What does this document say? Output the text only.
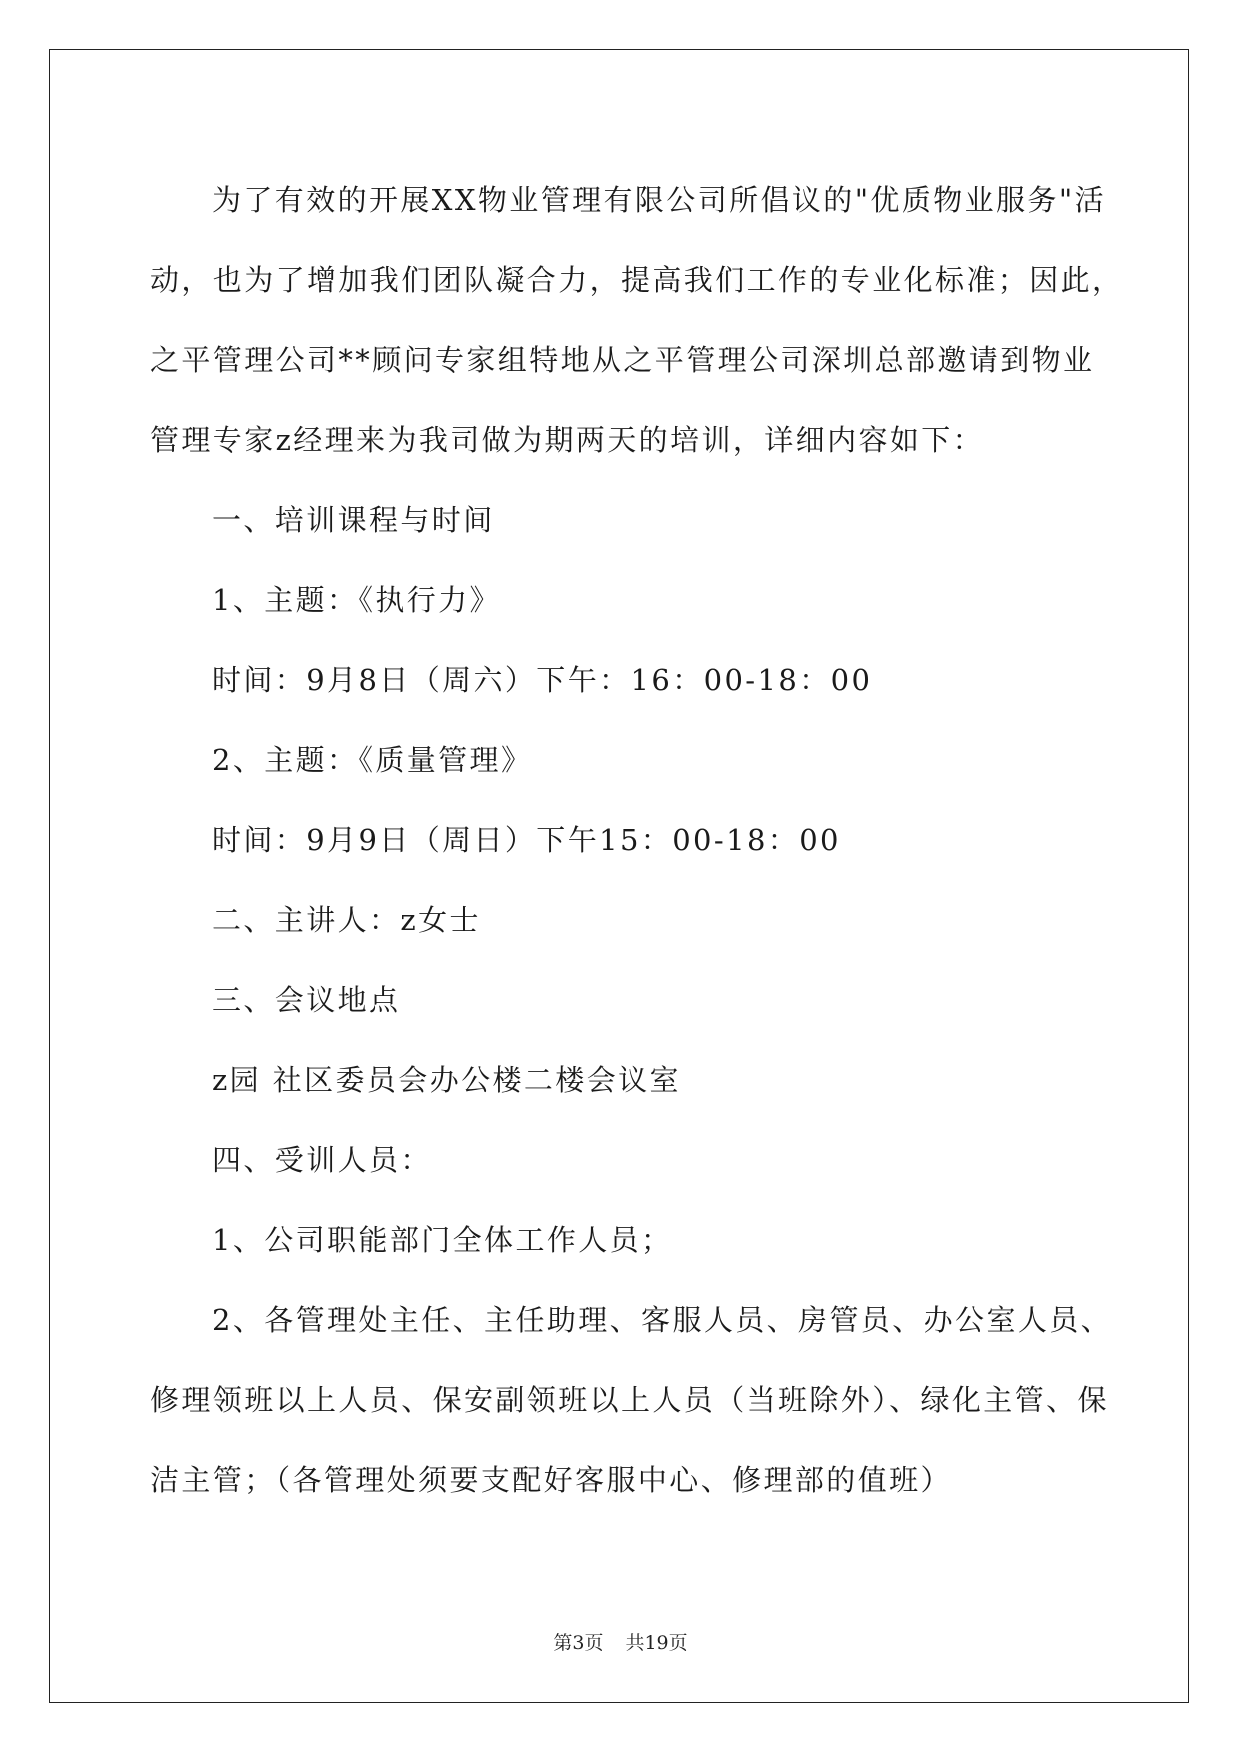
为了有效的开展XX物业管理有限公司所倡议的"优质物业服务"活

动，也为了增加我们团队凝合力，提高我们工作的专业化标准；因此，

之平管理公司**顾问专家组特地从之平管理公司深圳总部邀请到物业

管理专家z经理来为我司做为期两天的培训，详细内容如下：

一、培训课程与时间

1、主题：《执行力》

时间：9月8日（周六）下午：16：00-18：00

2、主题：《质量管理》

时间：9月9日（周日）下午15：00-18：00

二、主讲人：z女士

三、会议地点

z园 社区委员会办公楼二楼会议室

四、受训人员：

1、公司职能部门全体工作人员；

2、各管理处主任、主任助理、客服人员、房管员、办公室人员、

修理领班以上人员、保安副领班以上人员（当班除外）、绿化主管、保

洁主管；（各管理处须要支配好客服中心、修理部的值班）

第3页 共19页
